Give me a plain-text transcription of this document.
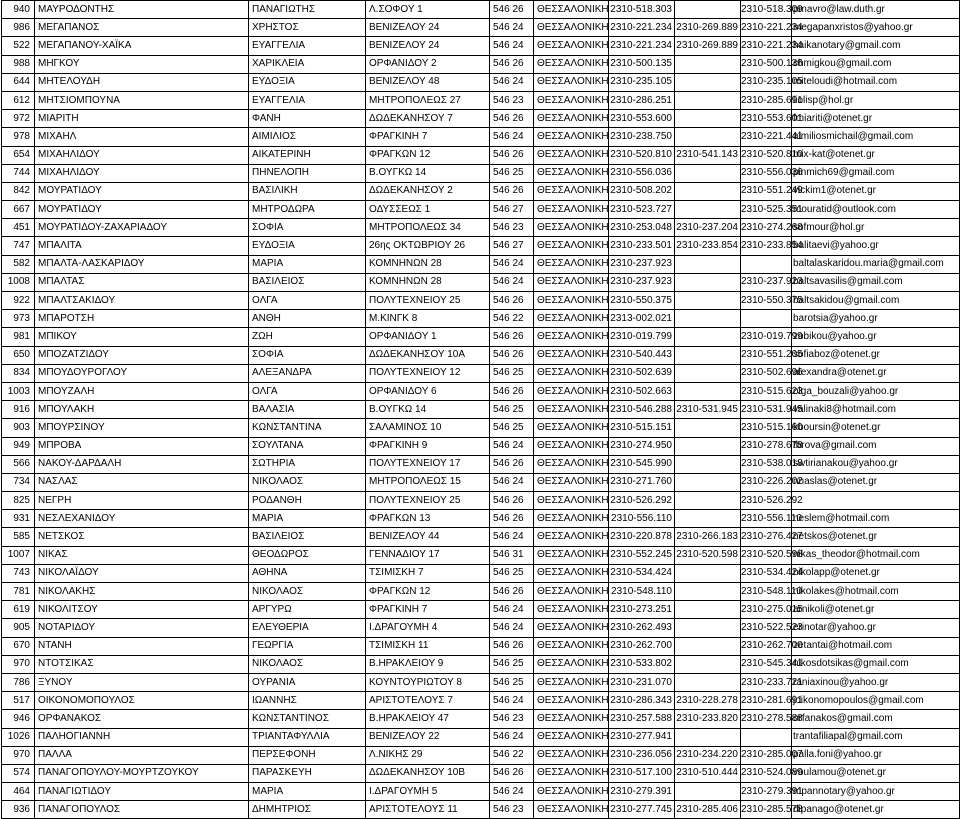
940	ΜΑΥΡΟΔΟΝΤΗΣ	ΠΑΝΑΓΙΩΤΗΣ	Λ.ΣΟΦΟΥ 1	546 26	ΘΕΣΣΑΛΟΝΙΚΗ	2310-518.303		2310-518.309	pmavro@law.duth.gr
986	ΜΕΓΑΠΑΝΟΣ	ΧΡΗΣΤΟΣ	ΒΕΝΙΖΕΛΟΥ 24	546 24	ΘΕΣΣΑΛΟΝΙΚΗ	2310-221.234	2310-269.889	2310-221.234	megapanxristos@yahoo.gr
522	ΜΕΓΑΠΑΝΟΥ-ΧΑΪΚΑ	ΕΥΑΓΓΕΛΙΑ	ΒΕΝΙΖΕΛΟΥ 24	546 24	ΘΕΣΣΑΛΟΝΙΚΗ	2310-221.234	2310-269.889	2310-221.234	haikanotary@gmail.com
988	ΜΗΓΚΟΥ	ΧΑΡΙΚΛΕΙΑ	ΟΡΦΑΝΙΔΟΥ 2	546 26	ΘΕΣΣΑΛΟΝΙΚΗ	2310-500.135		2310-500.136	chmigkou@gmail.com
644	ΜΗΤΕΛΟΥΔΗ	ΕΥΔΟΞΙΑ	ΒΕΝΙΖΕΛΟΥ 48	546 24	ΘΕΣΣΑΛΟΝΙΚΗ	2310-235.105		2310-235.105	miteloudi@hotmail.com
612	ΜΗΤΣΙΟΜΠΟΥΝΑ	ΕΥΑΓΓΕΛΙΑ	ΜΗΤΡΟΠΟΛΕΩΣ 27	546 23	ΘΕΣΣΑΛΟΝΙΚΗ	2310-286.251		2310-285.691	liolisp@hol.gr
972	ΜΙΑΡΙΤΗ	ΦΑΝΗ	ΔΩΔΕΚΑΝΗΣΟΥ 7	546 26	ΘΕΣΣΑΛΟΝΙΚΗ	2310-553.600		2310-553.601	fmiariti@otenet.gr
978	ΜΙΧΑΗΛ	ΑΙΜΙΛΙΟΣ	ΦΡΑΓΚΙΝΗ 7	546 24	ΘΕΣΣΑΛΟΝΙΚΗ	2310-238.750		2310-221.441	aimiliosmichail@gmail.com
654	ΜΙΧΑΗΛΙΔΟΥ	ΑΙΚΑΤΕΡΙΝΗ	ΦΡΑΓΚΩΝ 12	546 26	ΘΕΣΣΑΛΟΝΙΚΗ	2310-520.810	2310-541.143	2310-520.810	mix-kat@otenet.gr
744	ΜΙΧΑΗΛΙΔΟΥ	ΠΗΝΕΛΟΠΗ	Β.ΟΥΓΚΩ 14	546 25	ΘΕΣΣΑΛΟΝΙΚΗ	2310-556.036		2310-556.036	pinmich69@gmail.com
842	ΜΟΥΡΑΤΙΔΟΥ	ΒΑΣΙΛΙΚΗ	ΔΩΔΕΚΑΝΗΣΟΥ 2	546 26	ΘΕΣΣΑΛΟΝΙΚΗ	2310-508.202		2310-551.249	vickim1@otenet.gr
667	ΜΟΥΡΑΤΙΔΟΥ	ΜΗΤΡΟΔΩΡΑ	ΟΔΥΣΣΕΩΣ 1	546 27	ΘΕΣΣΑΛΟΝΙΚΗ	2310-523.727		2310-525.351	mouratid@outlook.com
451	ΜΟΥΡΑΤΙΔΟΥ-ΖΑΧΑΡΙΑΔΟΥ	ΣΟΦΙΑ	ΜΗΤΡΟΠΟΛΕΩΣ 34	546 23	ΘΕΣΣΑΛΟΝΙΚΗ	2310-253.048	2310-237.204	2310-274.268	sofmour@hol.gr
747	ΜΠΑΛΙΤΑ	ΕΥΔΟΞΙΑ	26ης ΟΚΤΩΒΡΙΟΥ 26	546 27	ΘΕΣΣΑΛΟΝΙΚΗ	2310-233.501	2310-233.854	2310-233.854	balitaevi@yahoo.gr
582	ΜΠΑΛΤΑ-ΛΑΣΚΑΡΙΔΟΥ	ΜΑΡΙΑ	ΚΟΜΝΗΝΩΝ 28	546 24	ΘΕΣΣΑΛΟΝΙΚΗ	2310-237.923			baltalaskaridou.maria@gmail.com
1008	ΜΠΑΛΤΑΣ	ΒΑΣΙΛΕΙΟΣ	ΚΟΜΝΗΝΩΝ 28	546 24	ΘΕΣΣΑΛΟΝΙΚΗ	2310-237.923		2310-237.923	baltsavasilis@gmail.com
922	ΜΠΑΛΤΣΑΚΙΔΟΥ	ΟΛΓΑ	ΠΟΛΥΤΕΧΝΕΙΟΥ 25	546 26	ΘΕΣΣΑΛΟΝΙΚΗ	2310-550.375		2310-550.375	baltsakidou@gmail.com
973	ΜΠΑΡΟΤΣΗ	ΑΝΘΗ	Μ.ΚΙΝΓΚ 8	546 22	ΘΕΣΣΑΛΟΝΙΚΗ	2313-002.021			barotsia@yahoo.gr
981	ΜΠΙΚΟΥ	ΖΩΗ	ΟΡΦΑΝΙΔΟΥ 1	546 26	ΘΕΣΣΑΛΟΝΙΚΗ	2310-019.799		2310-019.799	zobikou@yahoo.gr
650	ΜΠΟΖΑΤΖΙΔΟΥ	ΣΟΦΙΑ	ΔΩΔΕΚΑΝΗΣΟΥ 10Α	546 26	ΘΕΣΣΑΛΟΝΙΚΗ	2310-540.443		2310-551.205	sofiaboz@otenet.gr
834	ΜΠΟΥΔΟΥΡΟΓΛΟΥ	ΑΛΕΞΑΝΔΡΑ	ΠΟΛΥΤΕΧΝΕΙΟΥ 12	546 25	ΘΕΣΣΑΛΟΝΙΚΗ	2310-502.639		2310-502.696	alexandra@otenet.gr
1003	ΜΠΟΥΖΑΛΗ	ΟΛΓΑ	ΟΡΦΑΝΙΔΟΥ 6	546 26	ΘΕΣΣΑΛΟΝΙΚΗ	2310-502.663		2310-515.623	olga_bouzali@yahoo.gr
916	ΜΠΟΥΛΑΚΗ	ΒΑΛΑΣΙΑ	Β.ΟΥΓΚΩ 14	546 25	ΘΕΣΣΑΛΟΝΙΚΗ	2310-546.288	2310-531.945	2310-531.945	valinaki8@hotmail.com
903	ΜΠΟΥΡΣΙΝΟΥ	ΚΩΝΣΤΑΝΤΙΝΑ	ΣΑΛΑΜΙΝΟΣ 10	546 25	ΘΕΣΣΑΛΟΝΙΚΗ	2310-515.151		2310-515.160	kboursin@otenet.gr
949	ΜΠΡΟΒΑ	ΣΟΥΛΤΑΝΑ	ΦΡΑΓΚΙΝΗ 9	546 24	ΘΕΣΣΑΛΟΝΙΚΗ	2310-274.950		2310-278.678	tbrova@gmail.com
566	ΝΑΚΟΥ-ΔΑΡΔΑΛΗ	ΣΩΤΗΡΙΑ	ΠΟΛΥΤΕΧΝΕΙΟΥ 17	546 26	ΘΕΣΣΑΛΟΝΙΚΗ	2310-545.990		2310-538.018	swtirianakou@yahoo.gr
734	ΝΑΣΛΑΣ	ΝΙΚΟΛΑΟΣ	ΜΗΤΡΟΠΟΛΕΩΣ 15	546 24	ΘΕΣΣΑΛΟΝΙΚΗ	2310-271.760		2310-226.202	nnaslas@otenet.gr
825	ΝΕΓΡΗ	ΡΟΔΑΝΘΗ	ΠΟΛΥΤΕΧΝΕΙΟΥ 25	546 26	ΘΕΣΣΑΛΟΝΙΚΗ	2310-526.292		2310-526.292	
931	ΝΕΣΛΕΧΑΝΙΔΟΥ	ΜΑΡΙΑ	ΦΡΑΓΚΩΝ 13	546 26	ΘΕΣΣΑΛΟΝΙΚΗ	2310-556.110		2310-556.110	neslem@hotmail.com
585	ΝΕΤΣΚΟΣ	ΒΑΣΙΛΕΙΟΣ	ΒΕΝΙΖΕΛΟΥ 44	546 24	ΘΕΣΣΑΛΟΝΙΚΗ	2310-220.878	2310-266.183	2310-276.427	netskos@otenet.gr
1007	ΝΙΚΑΣ	ΘΕΟΔΩΡΟΣ	ΓΕΝΝΑΔΙΟΥ 17	546 31	ΘΕΣΣΑΛΟΝΙΚΗ	2310-552.245	2310-520.598	2310-520.598	nikas_theodor@hotmail.com
743	ΝΙΚΟΛΑΪΔΟΥ	ΑΘΗΝΑ	ΤΣΙΜΙΣΚΗ 7	546 25	ΘΕΣΣΑΛΟΝΙΚΗ	2310-534.424		2310-534.424	nikolapp@otenet.gr
781	ΝΙΚΟΛΑΚΗΣ	ΝΙΚΟΛΑΟΣ	ΦΡΑΓΚΩΝ 12	546 26	ΘΕΣΣΑΛΟΝΙΚΗ	2310-548.110		2310-548.110	nikolakes@hotmail.com
619	ΝΙΚΟΛΙΤΣΟΥ	ΑΡΓΥΡΩ	ΦΡΑΓΚΙΝΗ 7	546 24	ΘΕΣΣΑΛΟΝΙΚΗ	2310-273.251		2310-275.015	arnikoli@otenet.gr
905	ΝΟΤΑΡΙΔΟΥ	ΕΛΕΥΘΕΡΙΑ	Ι.ΔΡΑΓΟΥΜΗ 4	546 24	ΘΕΣΣΑΛΟΝΙΚΗ	2310-262.493		2310-522.523	erinotar@yahoo.gr
670	ΝΤΑΝΗ	ΓΕΩΡΓΙΑ	ΤΣΙΜΙΣΚΗ 11	546 26	ΘΕΣΣΑΛΟΝΙΚΗ	2310-262.700		2310-262.700	zetantai@hotmail.com
970	ΝΤΟΤΣΙΚΑΣ	ΝΙΚΟΛΑΟΣ	Β.ΗΡΑΚΛΕΙΟΥ 9	546 25	ΘΕΣΣΑΛΟΝΙΚΗ	2310-533.802		2310-545.341	nikosdotsikas@gmail.com
786	ΞΥΝΟΥ	ΟΥΡΑΝΙΑ	ΚΟΥΝΤΟΥΡΙΩΤΟΥ 8	546 25	ΘΕΣΣΑΛΟΝΙΚΗ	2310-231.070		2310-233.721	raniaxinou@yahoo.gr
517	ΟΙΚΟΝΟΜΟΠΟΥΛΟΣ	ΙΩΑΝΝΗΣ	ΑΡΙΣΤΟΤΕΛΟΥΣ 7	546 24	ΘΕΣΣΑΛΟΝΙΚΗ	2310-286.343	2310-228.278	2310-281.691	joikonomopoulos@gmail.com
946	ΟΡΦΑΝΑΚΟΣ	ΚΩΝΣΤΑΝΤΙΝΟΣ	Β.ΗΡΑΚΛΕΙΟΥ 47	546 23	ΘΕΣΣΑΛΟΝΙΚΗ	2310-257.588	2310-233.820	2310-278.588	orfanakos@gmail.com
1026	ΠΑΛΗΟΓΙΑΝΝΗ	ΤΡΙΑΝΤΑΦΥΛΛΙΑ	ΒΕΝΙΖΕΛΟΥ 22	546 24	ΘΕΣΣΑΛΟΝΙΚΗ	2310-277.941			trantafiliapal@gmail.com
970	ΠΑΛΛΑ	ΠΕΡΣΕΦΟΝΗ	Λ.ΝΙΚΗΣ 29	546 22	ΘΕΣΣΑΛΟΝΙΚΗ	2310-236.056	2310-234.220	2310-285.007	palla.foni@yahoo.gr
574	ΠΑΝΑΓΟΠΟΥΛΟΥ-ΜΟΥΡΤΖΟΥΚΟΥ	ΠΑΡΑΣΚΕΥΗ	ΔΩΔΕΚΑΝΗΣΟΥ 10Β	546 26	ΘΕΣΣΑΛΟΝΙΚΗ	2310-517.100	2310-510.444	2310-524.089	voulamou@otenet.gr
464	ΠΑΝΑΓΙΩΤΙΔΟΥ	ΜΑΡΙΑ	Ι.ΔΡΑΓΟΥΜΗ 5	546 24	ΘΕΣΣΑΛΟΝΙΚΗ	2310-279.391		2310-279.391	mpannotary@yahoo.gr
936	ΠΑΝΑΓΟΠΟΥΛΟΣ	ΔΗΜΗΤΡΙΟΣ	ΑΡΙΣΤΟΤΕΛΟΥΣ 11	546 23	ΘΕΣΣΑΛΟΝΙΚΗ	2310-277.745	2310-285.406	2310-285.578	dipanago@otenet.gr
